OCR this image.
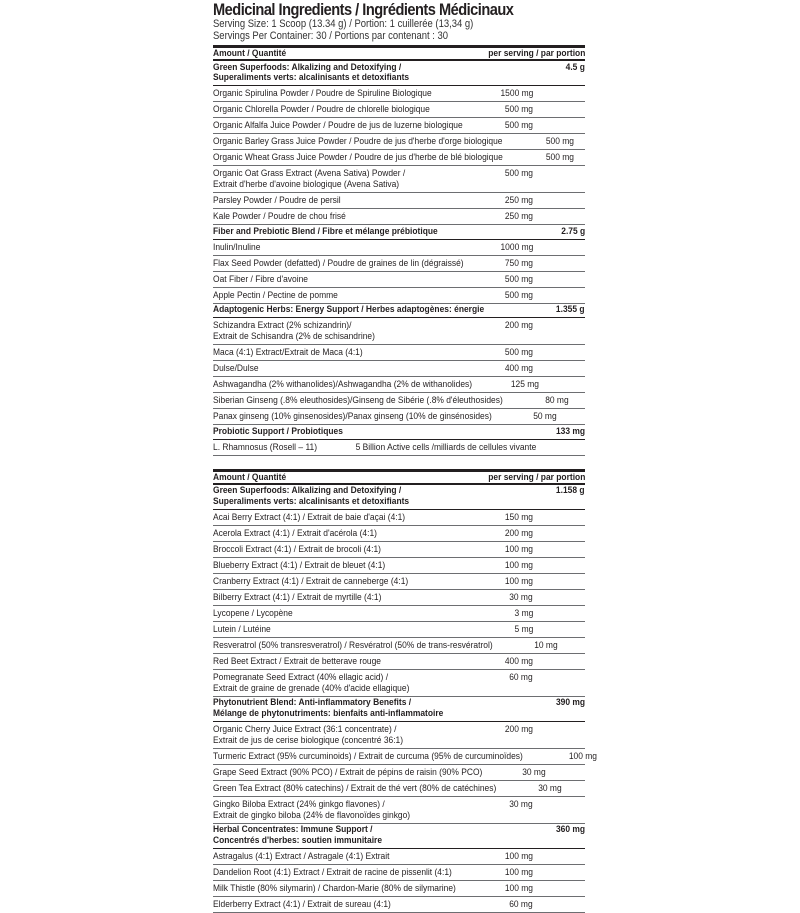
Medicinal Ingredients / Ingrédients Médicinaux
Serving Size: 1 Scoop (13.34 g) / Portion: 1 cuillerée (13,34 g)
Servings Per Container: 30 / Portions par contenant : 30
Amount / Quantité	per serving / par portion
Green Superfoods: Alkalizing and Detoxifying /
Superaliments verts: alcalinisants et detoxifiants
4.5 g
Organic Spirulina Powder / Poudre de Spiruline Biologique	1500 mg
Organic Chlorella Powder / Poudre de chlorelle biologique	500 mg
Organic Alfalfa Juice Powder / Poudre de jus de luzerne biologique	500 mg
Organic Barley Grass Juice Powder / Poudre de jus d'herbe d'orge biologique	500 mg
Organic Wheat Grass Juice Powder / Poudre de jus d'herbe de blé biologique	500 mg
Organic Oat Grass Extract (Avena Sativa) Powder /
Extrait d'herbe d'avoine biologique (Avena Sativa)
500 mg
Parsley Powder / Poudre de persil	250 mg
Kale Powder / Poudre de chou frisé	250 mg
Fiber and Prebiotic Blend / Fibre et mélange prébiotique	2.75 g
Inulin/Inuline	1000 mg
Flax Seed Powder (defatted) / Poudre de graines de lin (dégraissé)	750 mg
Oat Fiber / Fibre d'avoine	500 mg
Apple Pectin / Pectine de pomme	500 mg
Adaptogenic Herbs: Energy Support / Herbes adaptogènes: énergie	1.355 g
Schizandra Extract (2% schizandrin)/
Extrait de Schisandra (2% de schisandrine)
200 mg
Maca (4:1) Extract/Extrait de Maca (4:1)	500 mg
Dulse/Dulse	400 mg
Ashwagandha (2% withanolides)/Ashwagandha (2% de withanolides)	125 mg
Siberian Ginseng (.8% eleuthosides)/Ginseng de Sibérie (.8% d'éleuthosides)	80 mg
Panax ginseng (10% ginsenosides)/Panax ginseng (10% de ginsénosides)	50 mg
Probiotic Support / Probiotiques	133 mg
L. Rhamnosus (Rosell – 11)	5 Billion Active cells /milliards de cellules vivante
Amount / Quantité	per serving / par portion
Green Superfoods: Alkalizing and Detoxifying /
Superaliments verts: alcalinisants et detoxifiants
1.158 g
Acai Berry Extract (4:1) / Extrait de baie d'açai (4:1)	150 mg
Acerola Extract (4:1) / Extrait d'acérola (4:1)	200 mg
Broccoli Extract (4:1) / Extrait de brocoli (4:1)	100 mg
Blueberry Extract (4:1) / Extrait de bleuet (4:1)	100 mg
Cranberry Extract (4:1) / Extrait de canneberge (4:1)	100 mg
Bilberry Extract (4:1) / Extrait de myrtille (4:1)	30 mg
Lycopene / Lycopène	3 mg
Lutein / Lutéine	5 mg
Resveratrol (50% transresveratrol) / Resvératrol (50% de trans-resvératrol)	10 mg
Red Beet Extract / Extrait de betterave rouge	400 mg
Pomegranate Seed Extract (40% ellagic acid) /
Extrait de graine de grenade (40% d'acide ellagique)
60 mg
Phytonutrient Blend: Anti-inflammatory Benefits /
Mélange de phytonutriments: bienfaits anti-inflammatoire
390 mg
Organic Cherry Juice Extract (36:1 concentrate) /
Extrait de jus de cerise biologique (concentré 36:1)
200 mg
Turmeric Extract (95% curcuminoids) / Extrait de curcuma (95% de curcuminoïdes)	100 mg
Grape Seed Extract (90% PCO) / Extrait de pépins de raisin (90% PCO)	30 mg
Green Tea Extract (80% catechins) / Extrait de thé vert (80% de catéchines)	30 mg
Gingko Biloba Extract (24% ginkgo flavones) /
Extrait de gingko biloba (24% de flavonoïdes ginkgo)
30 mg
Herbal Concentrates: Immune Support /
Concentrés d'herbes: soutien immunitaire
360 mg
Astragalus (4:1) Extract / Astragale (4:1) Extrait	100 mg
Dandelion Root (4:1) Extract / Extrait de racine de pissenlit (4:1)	100 mg
Milk Thistle (80% silymarin) / Chardon-Marie (80% de silymarine)	100 mg
Elderberry Extract (4:1) / Extrait de sureau (4:1)	60 mg
